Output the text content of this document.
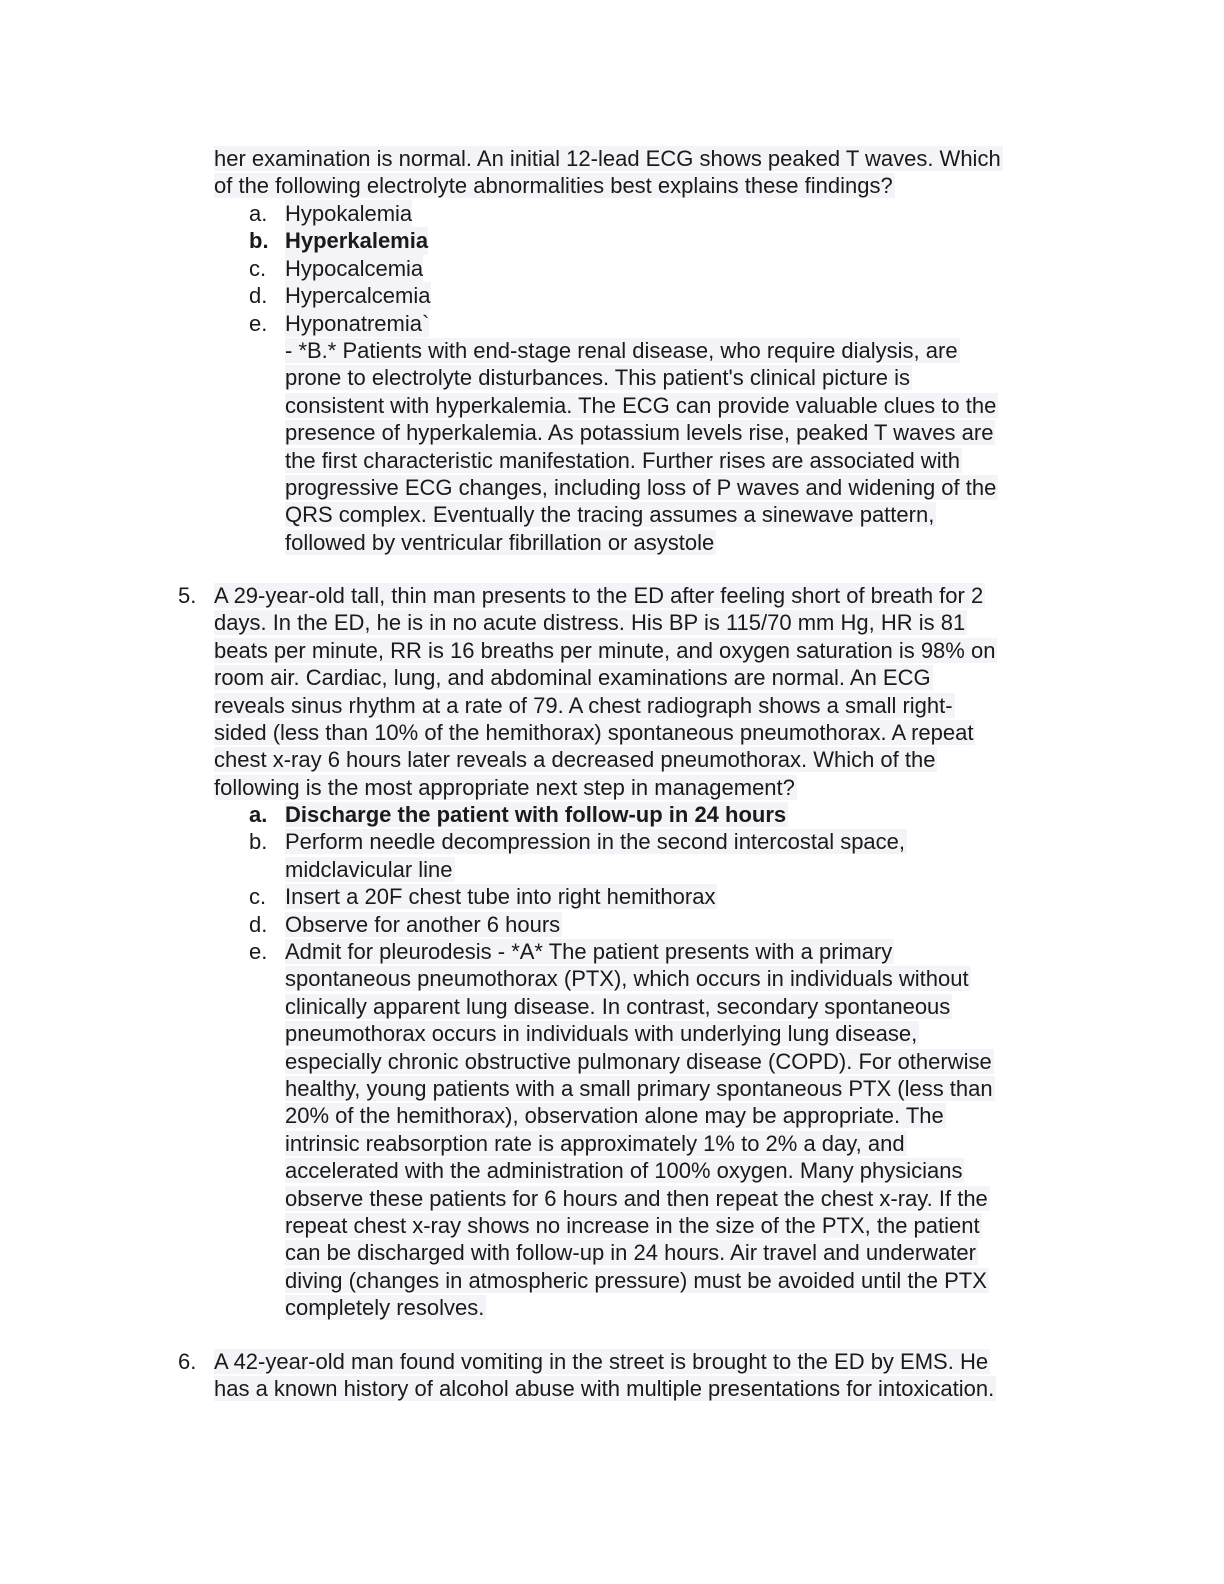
her examination is normal. An initial 12-lead ECG shows peaked T waves. Which
of the following electrolyte abnormalities best explains these findings?
a. Hypokalemia
b. Hyperkalemia
c. Hypocalcemia
d. Hypercalcemia
e. Hyponatremia`
- *B.* Patients with end-stage renal disease, who require dialysis, are
prone to electrolyte disturbances. This patient's clinical picture is
consistent with hyperkalemia. The ECG can provide valuable clues to the
presence of hyperkalemia. As potassium levels rise, peaked T waves are
the first characteristic manifestation. Further rises are associated with
progressive ECG changes, including loss of P waves and widening of the
QRS complex. Eventually the tracing assumes a sinewave pattern,
followed by ventricular fibrillation or asystole
5. A 29-year-old tall, thin man presents to the ED after feeling short of breath for 2
days. In the ED, he is in no acute distress. His BP is 115/70 mm Hg, HR is 81
beats per minute, RR is 16 breaths per minute, and oxygen saturation is 98% on
room air. Cardiac, lung, and abdominal examinations are normal. An ECG
reveals sinus rhythm at a rate of 79. A chest radiograph shows a small right-
sided (less than 10% of the hemithorax) spontaneous pneumothorax. A repeat
chest x-ray 6 hours later reveals a decreased pneumothorax. Which of the
following is the most appropriate next step in management?
a. Discharge the patient with follow-up in 24 hours
b. Perform needle decompression in the second intercostal space,
midclavicular line
c. Insert a 20F chest tube into right hemithorax
d. Observe for another 6 hours
e. Admit for pleurodesis - *A* The patient presents with a primary
spontaneous pneumothorax (PTX), which occurs in individuals without
clinically apparent lung disease. In contrast, secondary spontaneous
pneumothorax occurs in individuals with underlying lung disease,
especially chronic obstructive pulmonary disease (COPD). For otherwise
healthy, young patients with a small primary spontaneous PTX (less than
20% of the hemithorax), observation alone may be appropriate. The
intrinsic reabsorption rate is approximately 1% to 2% a day, and
accelerated with the administration of 100% oxygen. Many physicians
observe these patients for 6 hours and then repeat the chest x-ray. If the
repeat chest x-ray shows no increase in the size of the PTX, the patient
can be discharged with follow-up in 24 hours. Air travel and underwater
diving (changes in atmospheric pressure) must be avoided until the PTX
completely resolves.
6. A 42-year-old man found vomiting in the street is brought to the ED by EMS. He
has a known history of alcohol abuse with multiple presentations for intoxication.
